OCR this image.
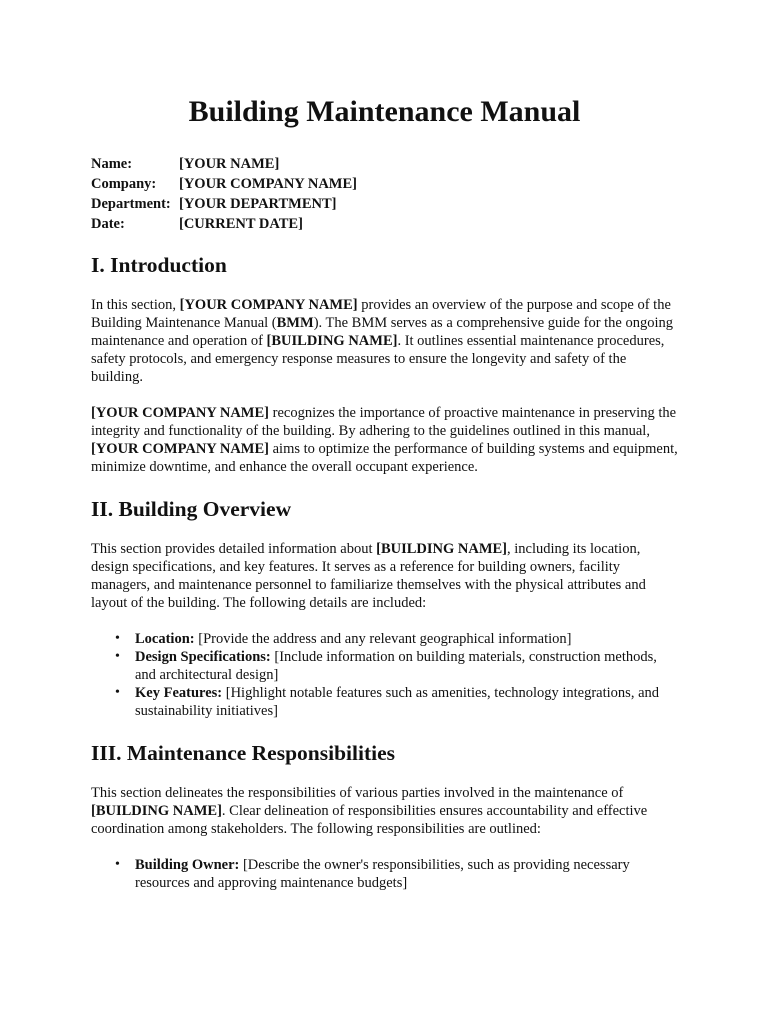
Building Maintenance Manual
Name:	[YOUR NAME]
Company:	[YOUR COMPANY NAME]
Department:	[YOUR DEPARTMENT]
Date:	[CURRENT DATE]
I. Introduction

In this section, [YOUR COMPANY NAME] provides an overview of the purpose and scope of the Building Maintenance Manual (BMM). The BMM serves as a comprehensive guide for the ongoing maintenance and operation of [BUILDING NAME]. It outlines essential maintenance procedures, safety protocols, and emergency response measures to ensure the longevity and safety of the building.

[YOUR COMPANY NAME] recognizes the importance of proactive maintenance in preserving the integrity and functionality of the building. By adhering to the guidelines outlined in this manual, [YOUR COMPANY NAME] aims to optimize the performance of building systems and equipment, minimize downtime, and enhance the overall occupant experience.

II. Building Overview

This section provides detailed information about [BUILDING NAME], including its location, design specifications, and key features. It serves as a reference for building owners, facility managers, and maintenance personnel to familiarize themselves with the physical attributes and layout of the building. The following details are included:

• Location: [Provide the address and any relevant geographical information]
• Design Specifications: [Include information on building materials, construction methods, and architectural design]
• Key Features: [Highlight notable features such as amenities, technology integrations, and sustainability initiatives]
III. Maintenance Responsibilities

This section delineates the responsibilities of various parties involved in the maintenance of [BUILDING NAME]. Clear delineation of responsibilities ensures accountability and effective coordination among stakeholders. The following responsibilities are outlined:

• Building Owner: [Describe the owner's responsibilities, such as providing necessary resources and approving maintenance budgets]
